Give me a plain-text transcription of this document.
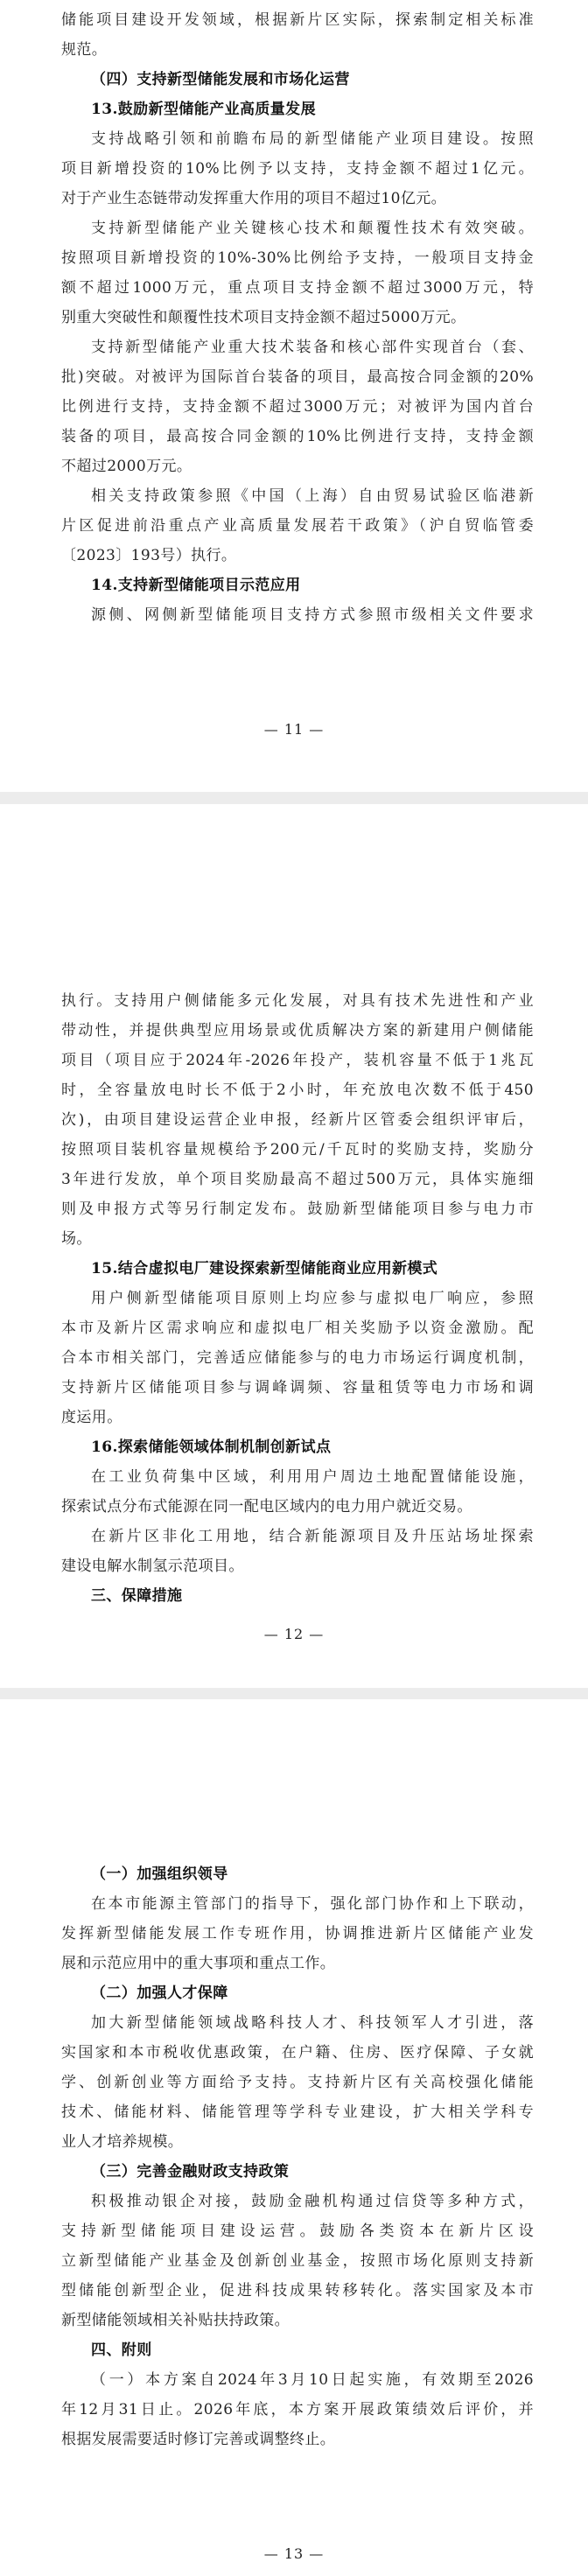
储能项目建设开发领域，根据新片区实际，探索制定相关标准
规范。
（四）支持新型储能发展和市场化运营
13.鼓励新型储能产业高质量发展
支持战略引领和前瞻布局的新型储能产业项目建设。按照
项目新增投资的10%比例予以支持，支持金额不超过1亿元。
对于产业生态链带动发挥重大作用的项目不超过10亿元。
支持新型储能产业关键核心技术和颠覆性技术有效突破。
按照项目新增投资的10%-30%比例给予支持，一般项目支持金
额不超过1000万元，重点项目支持金额不超过3000万元，特
别重大突破性和颠覆性技术项目支持金额不超过5000万元。
支持新型储能产业重大技术装备和核心部件实现首台（套、
批)突破。对被评为国际首台装备的项目，最高按合同金额的20%
比例进行支持，支持金额不超过3000万元；对被评为国内首台
装备的项目，最高按合同金额的10%比例进行支持，支持金额
不超过2000万元。
相关支持政策参照《中国（上海）自由贸易试验区临港新
片区促进前沿重点产业高质量发展若干政策》（沪自贸临管委
〔2023〕193号）执行。
14.支持新型储能项目示范应用
源侧、网侧新型储能项目支持方式参照市级相关文件要求
— 11 —
执行。支持用户侧储能多元化发展，对具有技术先进性和产业
带动性，并提供典型应用场景或优质解决方案的新建用户侧储能
项目（项目应于2024年-2026年投产，装机容量不低于1兆瓦
时，全容量放电时长不低于2小时，年充放电次数不低于450
次)，由项目建设运营企业申报，经新片区管委会组织评审后，
按照项目装机容量规模给予200元/千瓦时的奖励支持，奖励分
3年进行发放，单个项目奖励最高不超过500万元，具体实施细
则及申报方式等另行制定发布。鼓励新型储能项目参与电力市
场。
15.结合虚拟电厂建设探索新型储能商业应用新模式
用户侧新型储能项目原则上均应参与虚拟电厂响应，参照
本市及新片区需求响应和虚拟电厂相关奖励予以资金激励。配
合本市相关部门，完善适应储能参与的电力市场运行调度机制，
支持新片区储能项目参与调峰调频、容量租赁等电力市场和调
度运用。
16.探索储能领域体制机制创新试点
在工业负荷集中区域，利用用户周边土地配置储能设施，
探索试点分布式能源在同一配电区域内的电力用户就近交易。
在新片区非化工用地，结合新能源项目及升压站场址探索
建设电解水制氢示范项目。
三、保障措施
— 12 —
（一）加强组织领导
在本市能源主管部门的指导下，强化部门协作和上下联动，
发挥新型储能发展工作专班作用，协调推进新片区储能产业发
展和示范应用中的重大事项和重点工作。
（二）加强人才保障
加大新型储能领域战略科技人才、科技领军人才引进，落
实国家和本市税收优惠政策，在户籍、住房、医疗保障、子女就
学、创新创业等方面给予支持。支持新片区有关高校强化储能
技术、储能材料、储能管理等学科专业建设，扩大相关学科专
业人才培养规模。
（三）完善金融财政支持政策
积极推动银企对接，鼓励金融机构通过信贷等多种方式，
支持新型储能项目建设运营。鼓励各类资本在新片区设
立新型储能产业基金及创新创业基金，按照市场化原则支持新
型储能创新型企业，促进科技成果转移转化。落实国家及本市
新型储能领域相关补贴扶持政策。
四、附则
（一）本方案自2024年3月10日起实施，有效期至2026
年12月31日止。2026年底，本方案开展政策绩效后评价，并
根据发展需要适时修订完善或调整终止。
— 13 —
